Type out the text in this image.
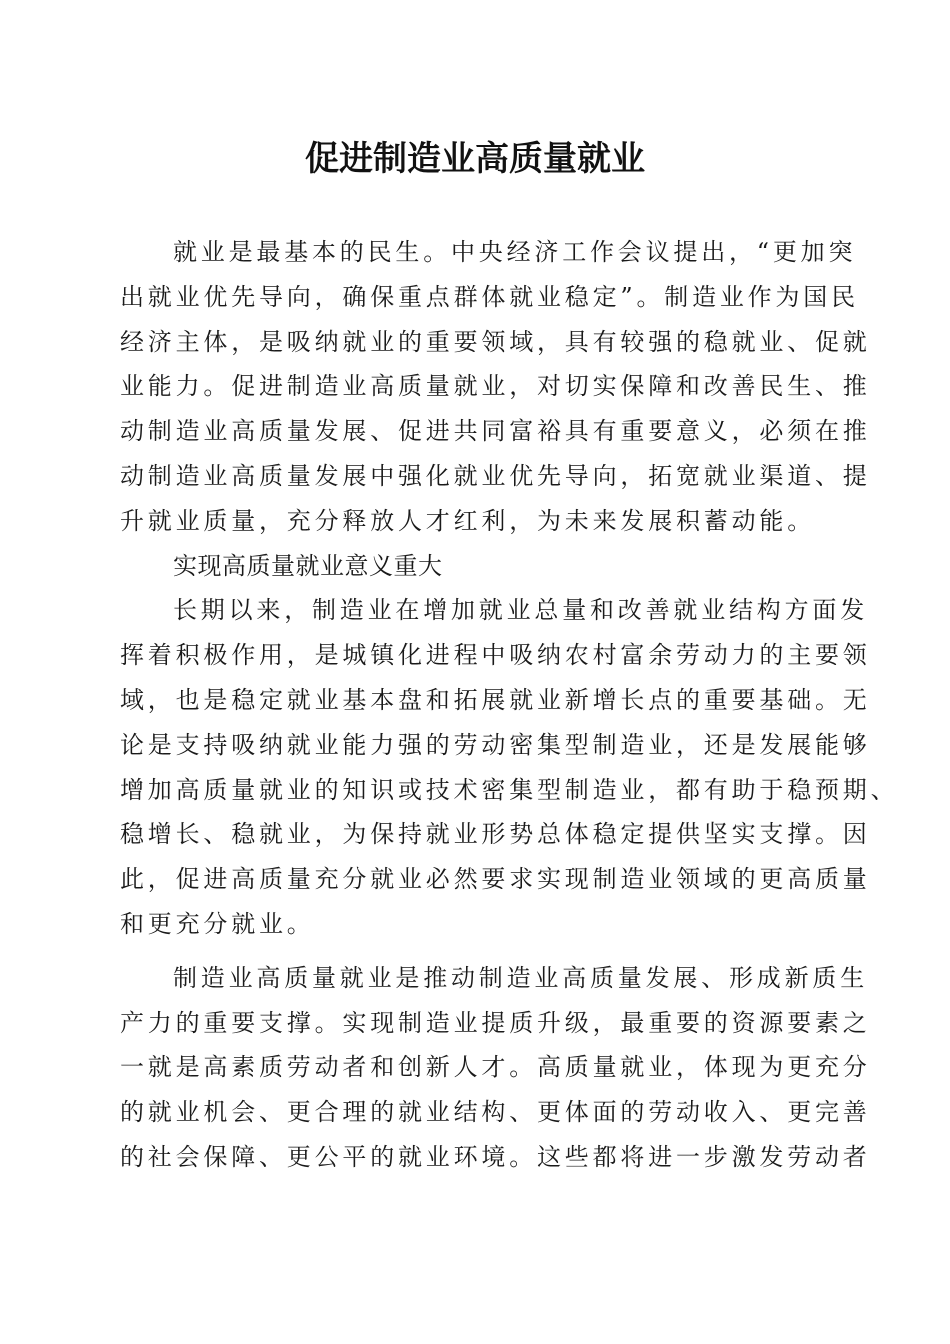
促进制造业高质量就业
就业是最基本的民生。中央经济工作会议提出，“更加突
出就业优先导向，确保重点群体就业稳定”。制造业作为国民
经济主体，是吸纳就业的重要领域，具有较强的稳就业、促就
业能力。促进制造业高质量就业，对切实保障和改善民生、推
动制造业高质量发展、促进共同富裕具有重要意义，必须在推
动制造业高质量发展中强化就业优先导向，拓宽就业渠道、提
升就业质量，充分释放人才红利，为未来发展积蓄动能。
实现高质量就业意义重大
长期以来，制造业在增加就业总量和改善就业结构方面发
挥着积极作用，是城镇化进程中吸纳农村富余劳动力的主要领
域，也是稳定就业基本盘和拓展就业新增长点的重要基础。无
论是支持吸纳就业能力强的劳动密集型制造业，还是发展能够
增加高质量就业的知识或技术密集型制造业，都有助于稳预期、
稳增长、稳就业，为保持就业形势总体稳定提供坚实支撑。因
此，促进高质量充分就业必然要求实现制造业领域的更高质量
和更充分就业。
制造业高质量就业是推动制造业高质量发展、形成新质生
产力的重要支撑。实现制造业提质升级，最重要的资源要素之
一就是高素质劳动者和创新人才。高质量就业，体现为更充分
的就业机会、更合理的就业结构、更体面的劳动收入、更完善
的社会保障、更公平的就业环境。这些都将进一步激发劳动者
